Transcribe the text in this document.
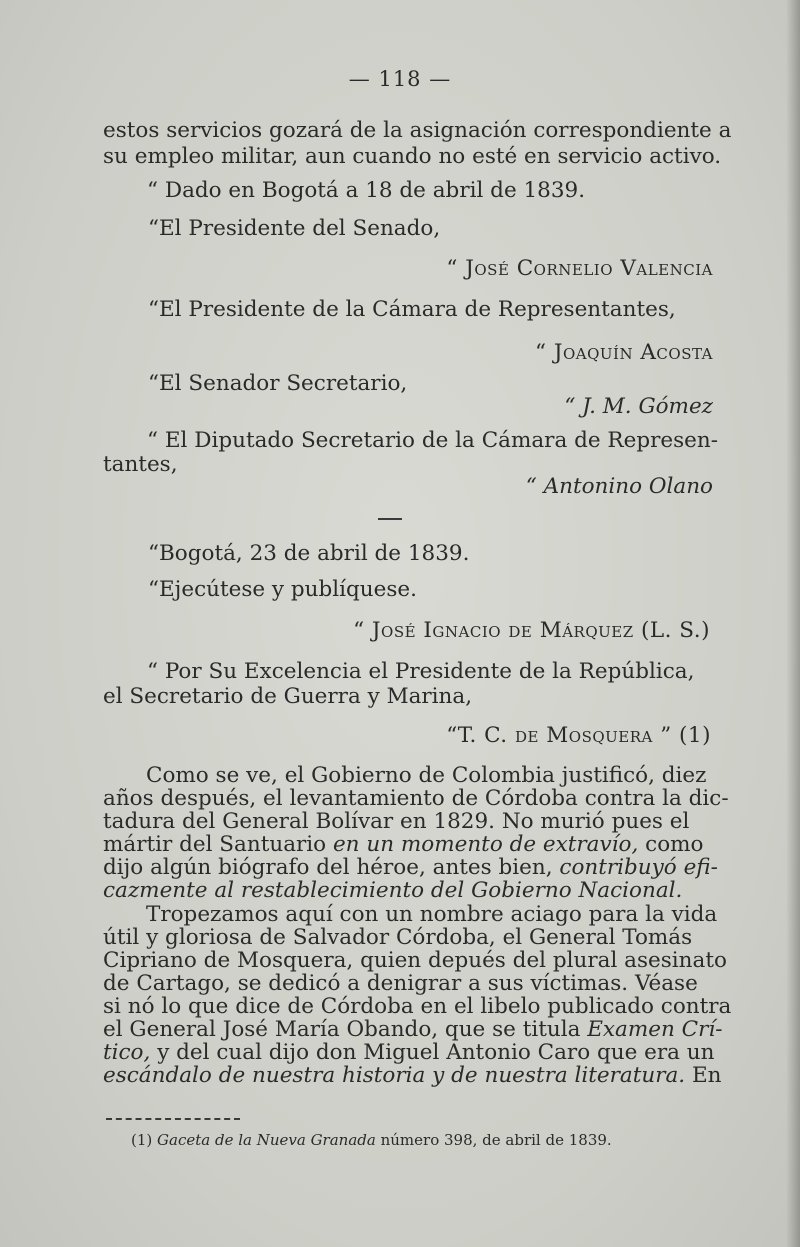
— 118 —
estos servicios gozará de la asignación correspondiente a
su empleo militar, aun cuando no esté en servicio activo.
“ Dado en Bogotá a 18 de abril de 1839.
“El Presidente del Senado,
“ José Cornelio Valencia
“El Presidente de la Cámara de Representantes,
“ Joaquín Acosta
“El Senador Secretario,
“ J. M. Gómez
“ El Diputado Secretario de la Cámara de Represen-
tantes,
“ Antonino Olano
“Bogotá, 23 de abril de 1839.
“Ejecútese y publíquese.
“ José Ignacio de Márquez (L. S.)
“ Por Su Excelencia el Presidente de la República,
el Secretario de Guerra y Marina,
“T. C. de Mosquera ” (1)
Como se ve, el Gobierno de Colombia justificó, diez
años después, el levantamiento de Córdoba contra la dic-
tadura del General Bolívar en 1829. No murió pues el
mártir del Santuario en un momento de extravío, como
dijo algún biógrafo del héroe, antes bien, contribuyó efi-
cazmente al restablecimiento del Gobierno Nacional.
Tropezamos aquí con un nombre aciago para la vida
útil y gloriosa de Salvador Córdoba, el General Tomás
Cipriano de Mosquera, quien depués del plural asesinato
de Cartago, se dedicó a denigrar a sus víctimas. Véase
si nó lo que dice de Córdoba en el libelo publicado contra
el General José María Obando, que se titula Examen Crí-
tico, y del cual dijo don Miguel Antonio Caro que era un
escándalo de nuestra historia y de nuestra literatura. En
(1) Gaceta de la Nueva Granada número 398, de abril de 1839.
